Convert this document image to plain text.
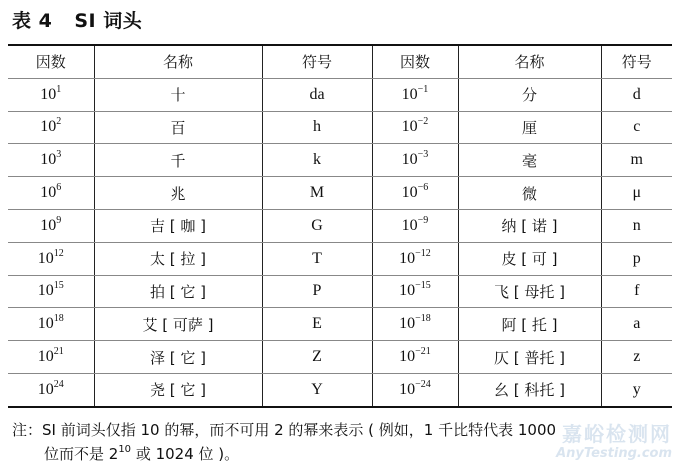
表 4 SI 词头
因数	名称	符号	因数	名称	符号
$10^1$	十	da	$10^{-1}$	分	d
$10^2$	百	h	$10^{-2}$	厘	c
$10^3$	千	k	$10^{-3}$	毫	m
$10^6$	兆	M	$10^{-6}$	微	μ
$10^9$	吉 [ 咖 ]	G	$10^{-9}$	纳 [ 诺 ]	n
$10^{12}$	太 [ 拉 ]	T	$10^{-12}$	皮 [ 可 ]	p
$10^{15}$	拍 [ 它 ]	P	$10^{-15}$	飞 [ 母托 ]	f
$10^{18}$	艾 [ 可萨 ]	E	$10^{-18}$	阿 [ 托 ]	a
$10^{21}$	泽 [ 它 ]	Z	$10^{-21}$	仄 [ 普托 ]	z
$10^{24}$	尧 [ 它 ]	Y	$10^{-24}$	幺 [ 科托 ]	y
注：SI 前词头仅指 10 的幂，而不可用 2 的幂来表示 ( 例如，1 千比特代表 1000
位而不是 $2^{10}$ 或 1024 位 )。
嘉峪检测网
AnyTesting.com
